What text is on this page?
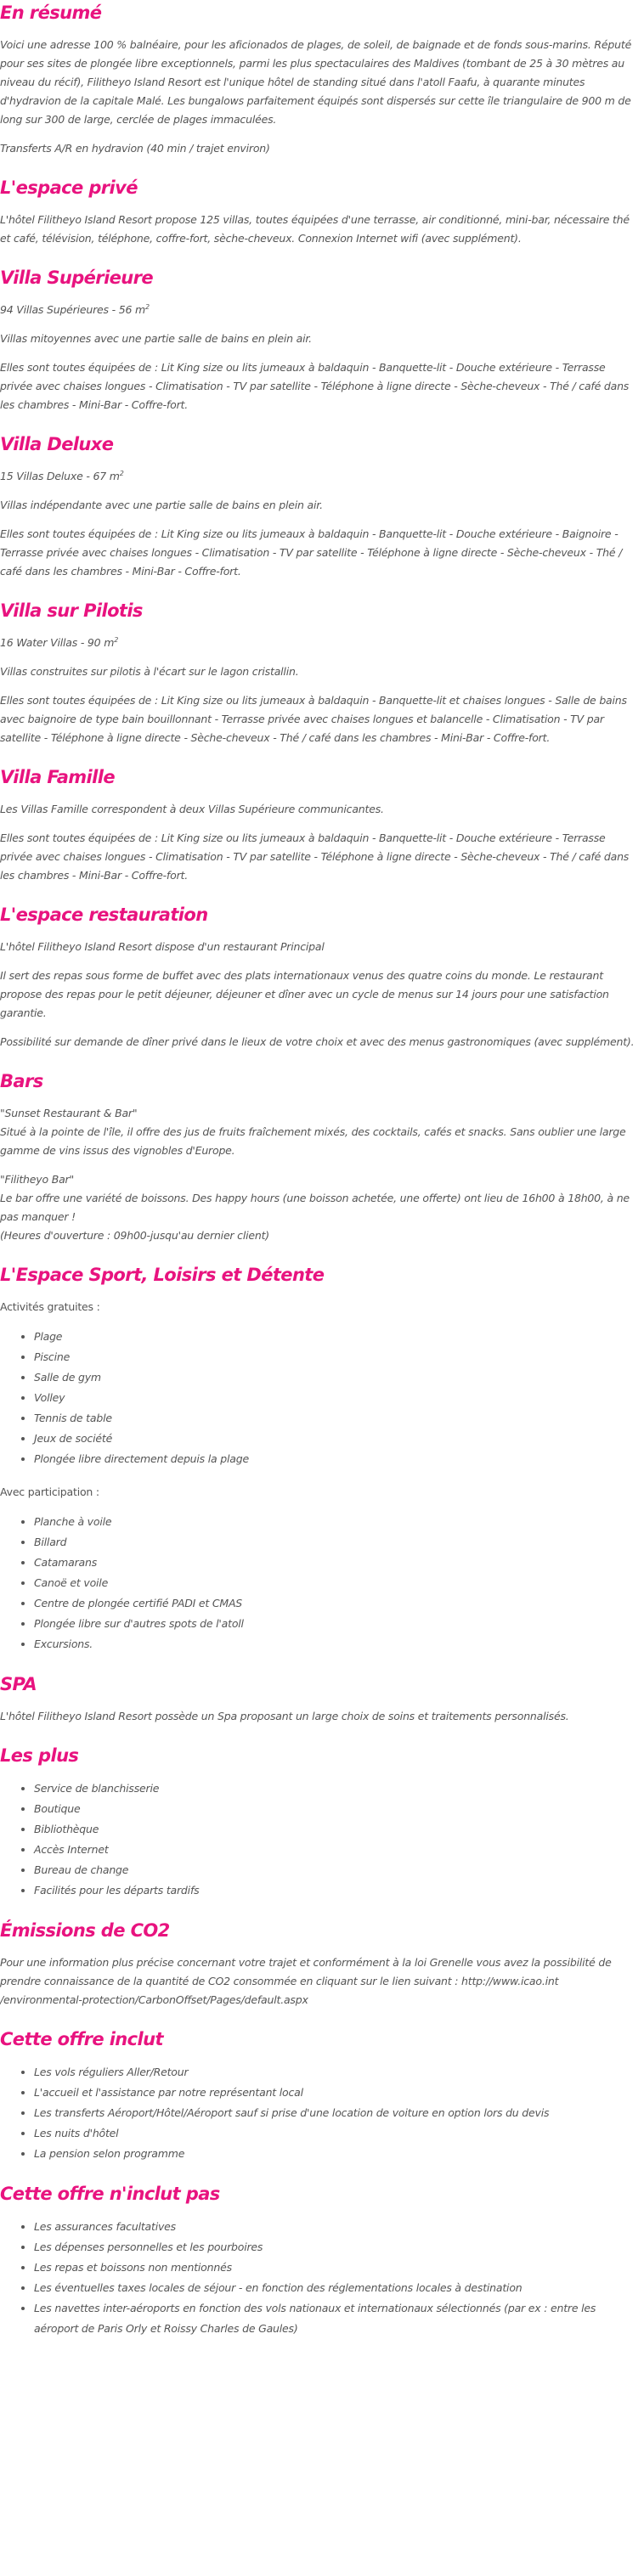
En résumé

Voici une adresse 100 % balnéaire, pour les aficionados de plages, de soleil, de baignade et de fonds sous-marins. Réputé pour ses sites de plongée libre exceptionnels, parmi les plus spectaculaires des Maldives (tombant de 25 à 30 mètres au niveau du récif), Filitheyo Island Resort est l'unique hôtel de standing situé dans l'atoll Faafu, à quarante minutes d'hydravion de la capitale Malé. Les bungalows parfaitement équipés sont dispersés sur cette île triangulaire de 900 m de long sur 300 de large, cerclée de plages immaculées.

Transferts A/R en hydravion (40 min / trajet environ)

L'espace privé

L'hôtel Filitheyo Island Resort propose 125 villas, toutes équipées d'une terrasse, air conditionné, mini-bar, nécessaire thé et café, télévision, téléphone, coffre-fort, sèche-cheveux. Connexion Internet wifi (avec supplément).

Villa Supérieure

94 Villas Supérieures - 56 $m^2$

Villas mitoyennes avec une partie salle de bains en plein air.

Elles sont toutes équipées de : Lit King size ou lits jumeaux à baldaquin - Banquette-lit - Douche extérieure - Terrasse privée avec chaises longues - Climatisation - TV par satellite - Téléphone à ligne directe - Sèche-cheveux - Thé / café dans les chambres - Mini-Bar - Coffre-fort.

Villa Deluxe

15 Villas Deluxe - 67 $m^2$

Villas indépendante avec une partie salle de bains en plein air.

Elles sont toutes équipées de : Lit King size ou lits jumeaux à baldaquin - Banquette-lit - Douche extérieure - Baignoire - Terrasse privée avec chaises longues - Climatisation - TV par satellite - Téléphone à ligne directe - Sèche-cheveux - Thé / café dans les chambres - Mini-Bar - Coffre-fort.

Villa sur Pilotis

16 Water Villas - 90 $m^2$

Villas construites sur pilotis à l'écart sur le lagon cristallin.

Elles sont toutes équipées de : Lit King size ou lits jumeaux à baldaquin - Banquette-lit et chaises longues - Salle de bains avec baignoire de type bain bouillonnant - Terrasse privée avec chaises longues et balancelle - Climatisation - TV par satellite - Téléphone à ligne directe - Sèche-cheveux - Thé / café dans les chambres - Mini-Bar - Coffre-fort.

Villa Famille

Les Villas Famille correspondent à deux Villas Supérieure communicantes.

Elles sont toutes équipées de : Lit King size ou lits jumeaux à baldaquin - Banquette-lit - Douche extérieure - Terrasse privée avec chaises longues - Climatisation - TV par satellite - Téléphone à ligne directe - Sèche-cheveux - Thé / café dans les chambres - Mini-Bar - Coffre-fort.

L'espace restauration

L'hôtel Filitheyo Island Resort dispose d'un restaurant Principal

Il sert des repas sous forme de buffet avec des plats internationaux venus des quatre coins du monde. Le restaurant propose des repas pour le petit déjeuner, déjeuner et dîner avec un cycle de menus sur 14 jours pour une satisfaction garantie.

Possibilité sur demande de dîner privé dans le lieux de votre choix et avec des menus gastronomiques (avec supplément).

Bars

"Sunset Restaurant & Bar"

Situé à la pointe de l'île, il offre des jus de fruits fraîchement mixés, des cocktails, cafés et snacks. Sans oublier une large gamme de vins issus des vignobles d'Europe.

"Filitheyo Bar"

Le bar offre une variété de boissons. Des happy hours (une boisson achetée, une offerte) ont lieu de 16h00 à 18h00, à ne pas manquer !

(Heures d'ouverture : 09h00-jusqu'au dernier client)

L'Espace Sport, Loisirs et Détente

Activités gratuites :

• Plage
• Piscine
• Salle de gym
• Volley
• Tennis de table
• Jeux de société
• Plongée libre directement depuis la plage

Avec participation :

• Planche à voile
• Billard
• Catamarans
• Canoë et voile
• Centre de plongée certifié PADI et CMAS
• Plongée libre sur d'autres spots de l'atoll
• Excursions.
SPA

L'hôtel Filitheyo Island Resort possède un Spa proposant un large choix de soins et traitements personnalisés.

Les plus
• Service de blanchisserie
• Boutique
• Bibliothèque
• Accès Internet
• Bureau de change
• Facilités pour les départs tardifs
Émissions de CO2

Pour une information plus précise concernant votre trajet et conformément à la loi Grenelle vous avez la possibilité de prendre connaissance de la quantité de CO2 consommée en cliquant sur le lien suivant : http://www.icao.int /environmental-protection/CarbonOffset/Pages/default.aspx

Cette offre inclut
• Les vols réguliers Aller/Retour
• L'accueil et l'assistance par notre représentant local
• Les transferts Aéroport/Hôtel/Aéroport sauf si prise d'une location de voiture en option lors du devis
• Les nuits d'hôtel
• La pension selon programme
Cette offre n'inclut pas
• Les assurances facultatives
• Les dépenses personnelles et les pourboires
• Les repas et boissons non mentionnés
• Les éventuelles taxes locales de séjour - en fonction des réglementations locales à destination
• Les navettes inter-aéroports en fonction des vols nationaux et internationaux sélectionnés (par ex : entre les aéroport de Paris Orly et Roissy Charles de Gaules)
